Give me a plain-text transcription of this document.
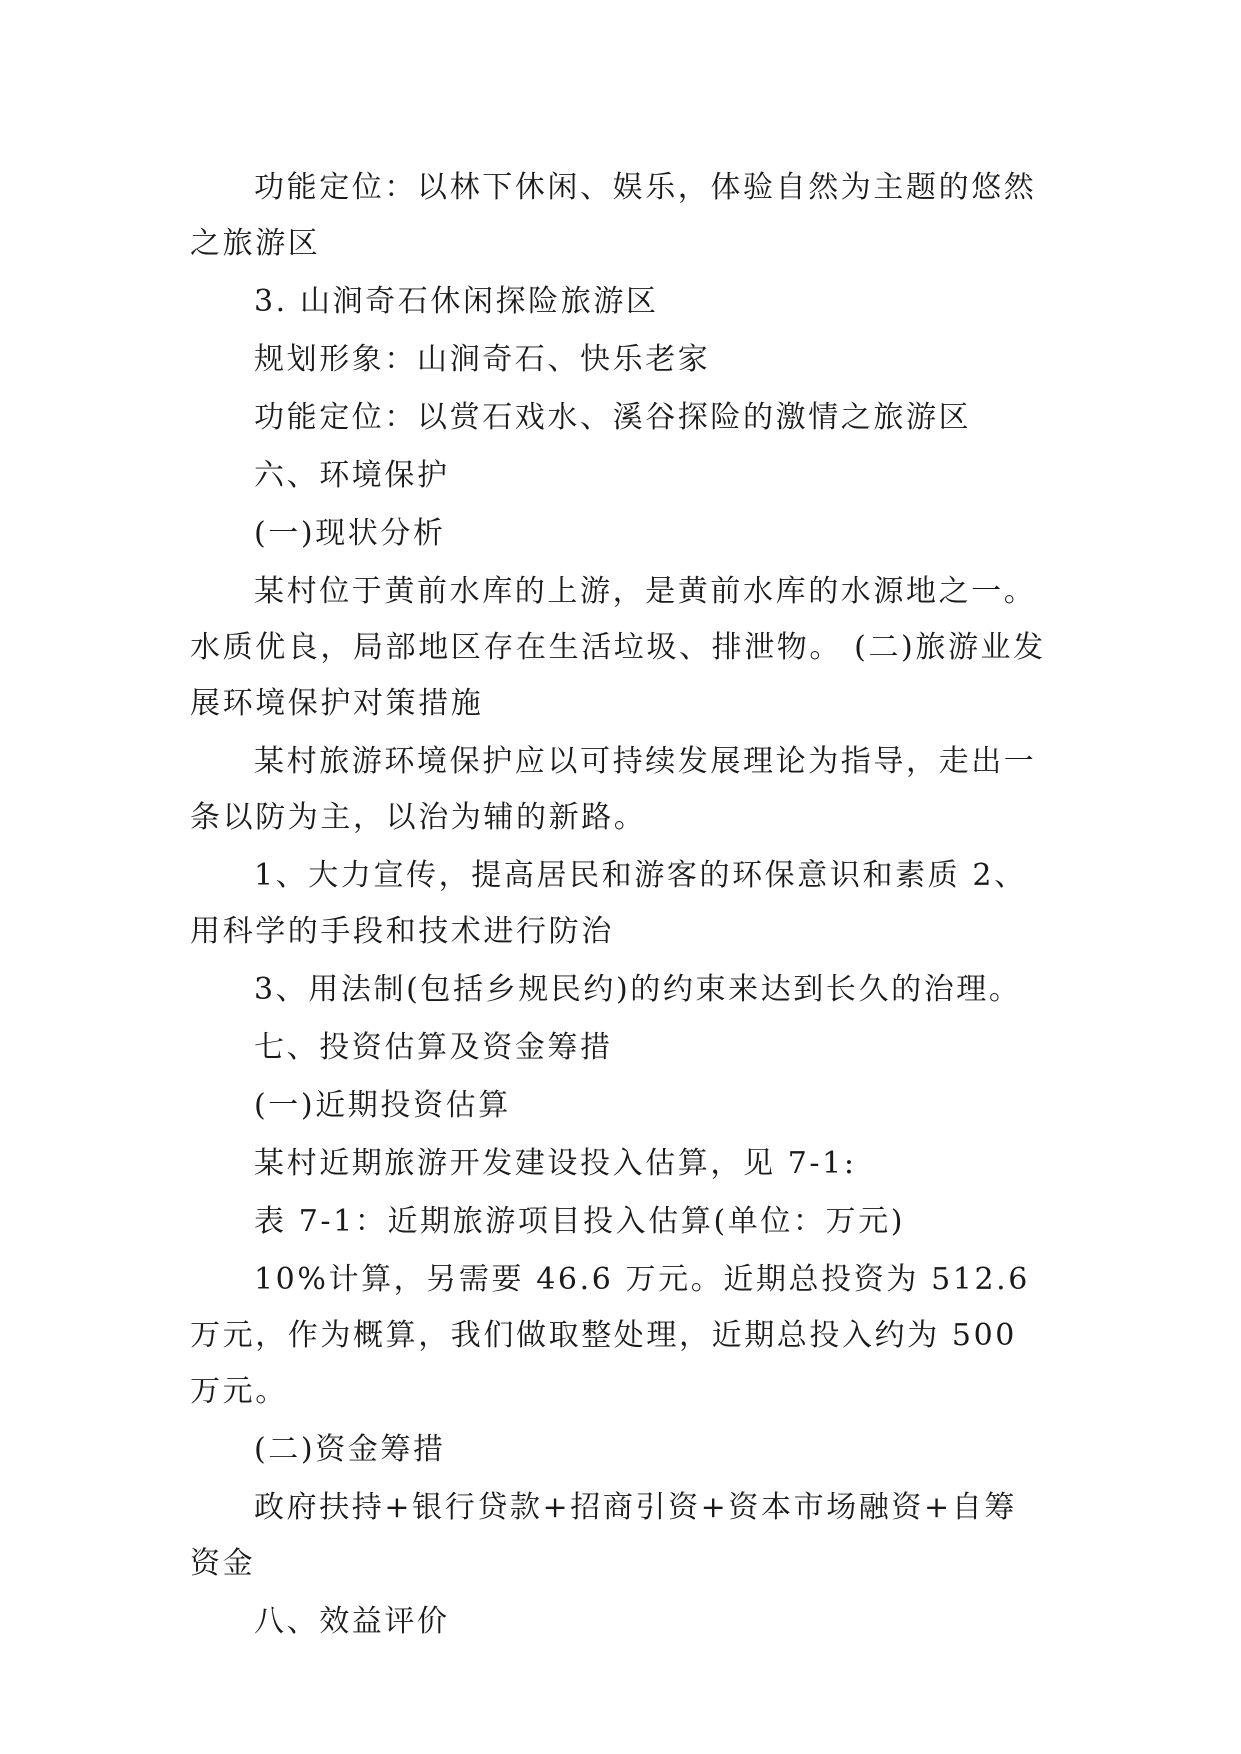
功能定位：以林下休闲、娱乐，体验自然为主题的悠然之旅游区

3. 山涧奇石休闲探险旅游区

规划形象：山涧奇石、快乐老家

功能定位：以赏石戏水、溪谷探险的激情之旅游区

六、环境保护

(一)现状分析

某村位于黄前水库的上游，是黄前水库的水源地之一。水质优良，局部地区存在生活垃圾、排泄物。 (二)旅游业发展环境保护对策措施

某村旅游环境保护应以可持续发展理论为指导，走出一条以防为主，以治为辅的新路。

1、大力宣传，提高居民和游客的环保意识和素质 2、用科学的手段和技术进行防治

3、用法制(包括乡规民约)的约束来达到长久的治理。

七、投资估算及资金筹措

(一)近期投资估算

某村近期旅游开发建设投入估算，见 7-1:

表 7-1：近期旅游项目投入估算(单位：万元)

10%计算，另需要 46.6 万元。近期总投资为 512.6 万元，作为概算，我们做取整处理，近期总投入约为 500 万元。

(二)资金筹措

政府扶持+银行贷款+招商引资+资本市场融资+自筹资金

八、效益评价
